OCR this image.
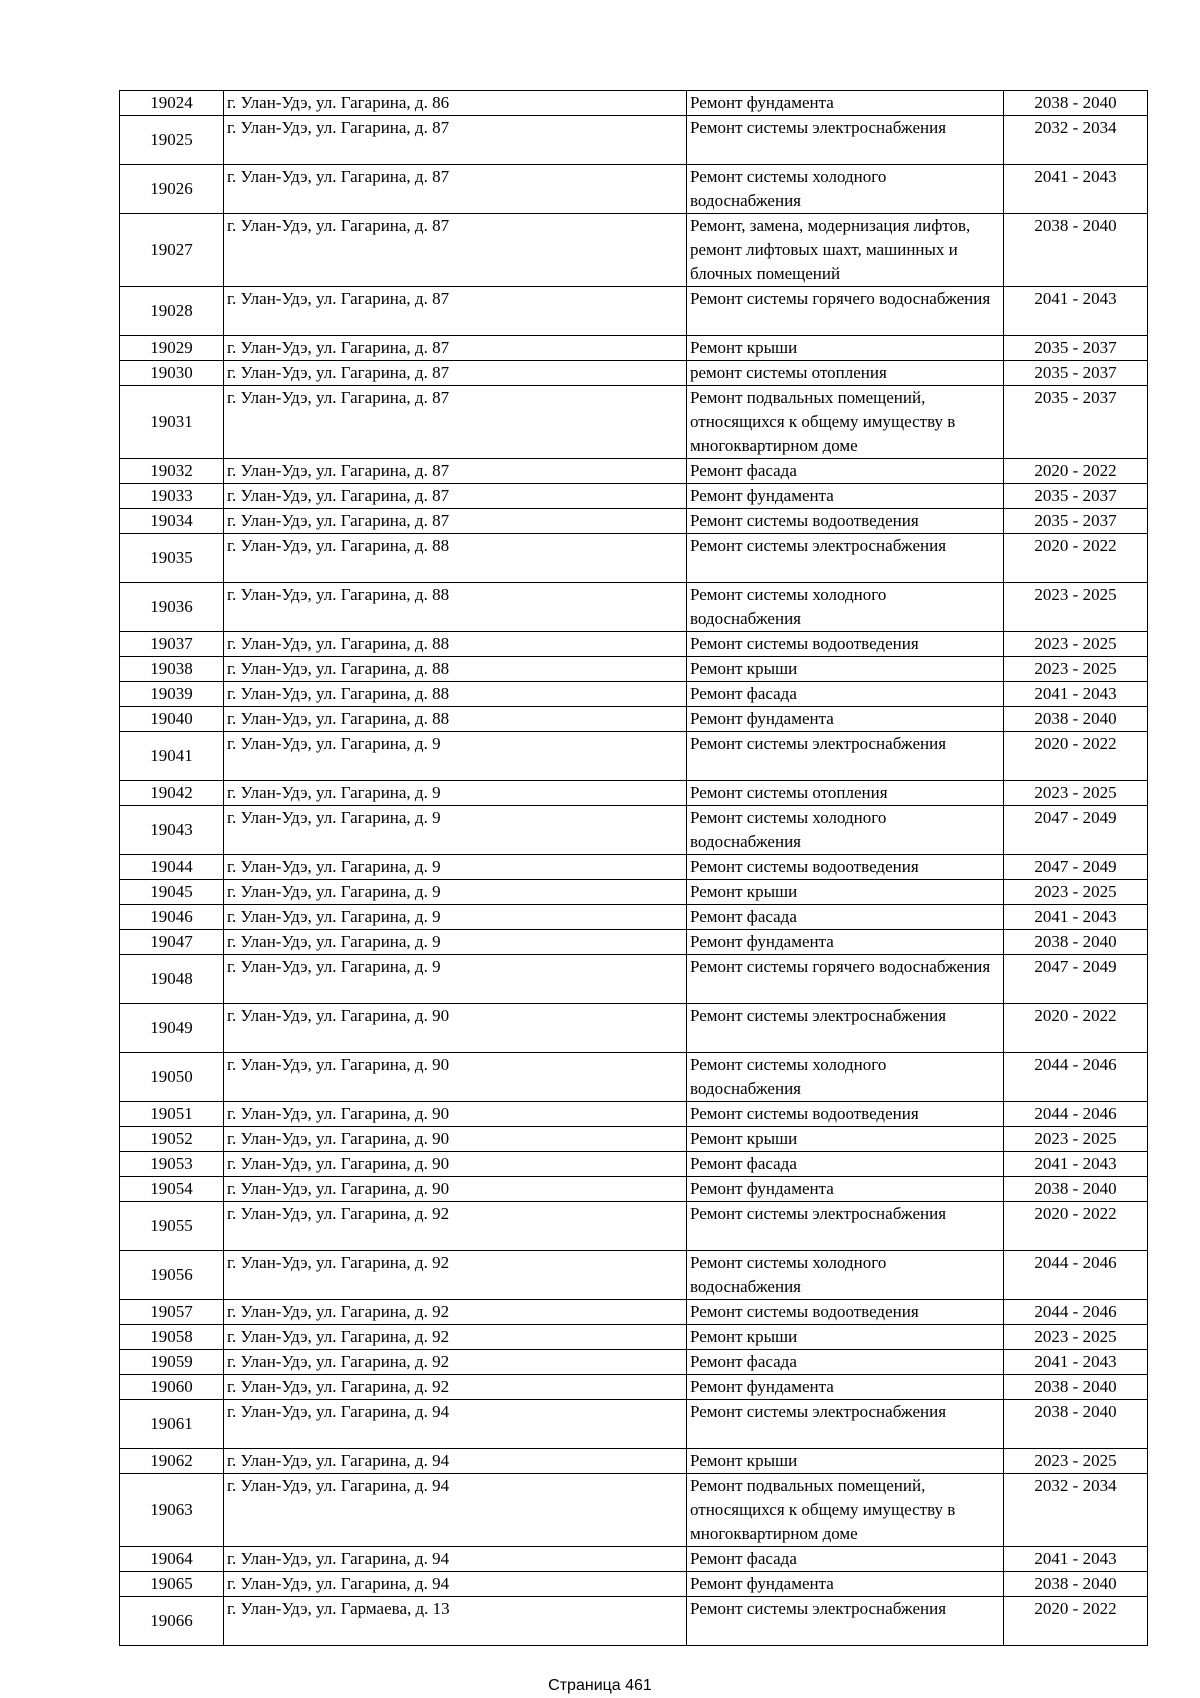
19024	г. Улан-Удэ, ул. Гагарина, д. 86	Ремонт фундамента	2038 - 2040
19025	г. Улан-Удэ, ул. Гагарина, д. 87	Ремонт системы электроснабжения	2032 - 2034
19026	г. Улан-Удэ, ул. Гагарина, д. 87	Ремонт системы холодного водоснабжения	2041 - 2043
19027	г. Улан-Удэ, ул. Гагарина, д. 87	Ремонт, замена, модернизация лифтов, ремонт лифтовых шахт, машинных и блочных помещений	2038 - 2040
19028	г. Улан-Удэ, ул. Гагарина, д. 87	Ремонт системы горячего водоснабжения	2041 - 2043
19029	г. Улан-Удэ, ул. Гагарина, д. 87	Ремонт крыши	2035 - 2037
19030	г. Улан-Удэ, ул. Гагарина, д. 87	ремонт системы отопления	2035 - 2037
19031	г. Улан-Удэ, ул. Гагарина, д. 87	Ремонт подвальных помещений, относящихся к общему имуществу в многоквартирном доме	2035 - 2037
19032	г. Улан-Удэ, ул. Гагарина, д. 87	Ремонт фасада	2020 - 2022
19033	г. Улан-Удэ, ул. Гагарина, д. 87	Ремонт фундамента	2035 - 2037
19034	г. Улан-Удэ, ул. Гагарина, д. 87	Ремонт системы водоотведения	2035 - 2037
19035	г. Улан-Удэ, ул. Гагарина, д. 88	Ремонт системы электроснабжения	2020 - 2022
19036	г. Улан-Удэ, ул. Гагарина, д. 88	Ремонт системы холодного водоснабжения	2023 - 2025
19037	г. Улан-Удэ, ул. Гагарина, д. 88	Ремонт системы водоотведения	2023 - 2025
19038	г. Улан-Удэ, ул. Гагарина, д. 88	Ремонт крыши	2023 - 2025
19039	г. Улан-Удэ, ул. Гагарина, д. 88	Ремонт фасада	2041 - 2043
19040	г. Улан-Удэ, ул. Гагарина, д. 88	Ремонт фундамента	2038 - 2040
19041	г. Улан-Удэ, ул. Гагарина, д. 9	Ремонт системы электроснабжения	2020 - 2022
19042	г. Улан-Удэ, ул. Гагарина, д. 9	Ремонт системы отопления	2023 - 2025
19043	г. Улан-Удэ, ул. Гагарина, д. 9	Ремонт системы холодного водоснабжения	2047 - 2049
19044	г. Улан-Удэ, ул. Гагарина, д. 9	Ремонт системы водоотведения	2047 - 2049
19045	г. Улан-Удэ, ул. Гагарина, д. 9	Ремонт крыши	2023 - 2025
19046	г. Улан-Удэ, ул. Гагарина, д. 9	Ремонт фасада	2041 - 2043
19047	г. Улан-Удэ, ул. Гагарина, д. 9	Ремонт фундамента	2038 - 2040
19048	г. Улан-Удэ, ул. Гагарина, д. 9	Ремонт системы горячего водоснабжения	2047 - 2049
19049	г. Улан-Удэ, ул. Гагарина, д. 90	Ремонт системы электроснабжения	2020 - 2022
19050	г. Улан-Удэ, ул. Гагарина, д. 90	Ремонт системы холодного водоснабжения	2044 - 2046
19051	г. Улан-Удэ, ул. Гагарина, д. 90	Ремонт системы водоотведения	2044 - 2046
19052	г. Улан-Удэ, ул. Гагарина, д. 90	Ремонт крыши	2023 - 2025
19053	г. Улан-Удэ, ул. Гагарина, д. 90	Ремонт фасада	2041 - 2043
19054	г. Улан-Удэ, ул. Гагарина, д. 90	Ремонт фундамента	2038 - 2040
19055	г. Улан-Удэ, ул. Гагарина, д. 92	Ремонт системы электроснабжения	2020 - 2022
19056	г. Улан-Удэ, ул. Гагарина, д. 92	Ремонт системы холодного водоснабжения	2044 - 2046
19057	г. Улан-Удэ, ул. Гагарина, д. 92	Ремонт системы водоотведения	2044 - 2046
19058	г. Улан-Удэ, ул. Гагарина, д. 92	Ремонт крыши	2023 - 2025
19059	г. Улан-Удэ, ул. Гагарина, д. 92	Ремонт фасада	2041 - 2043
19060	г. Улан-Удэ, ул. Гагарина, д. 92	Ремонт фундамента	2038 - 2040
19061	г. Улан-Удэ, ул. Гагарина, д. 94	Ремонт системы электроснабжения	2038 - 2040
19062	г. Улан-Удэ, ул. Гагарина, д. 94	Ремонт крыши	2023 - 2025
19063	г. Улан-Удэ, ул. Гагарина, д. 94	Ремонт подвальных помещений, относящихся к общему имуществу в многоквартирном доме	2032 - 2034
19064	г. Улан-Удэ, ул. Гагарина, д. 94	Ремонт фасада	2041 - 2043
19065	г. Улан-Удэ, ул. Гагарина, д. 94	Ремонт фундамента	2038 - 2040
19066	г. Улан-Удэ, ул. Гармаева, д. 13	Ремонт системы электроснабжения	2020 - 2022
Страница 461
